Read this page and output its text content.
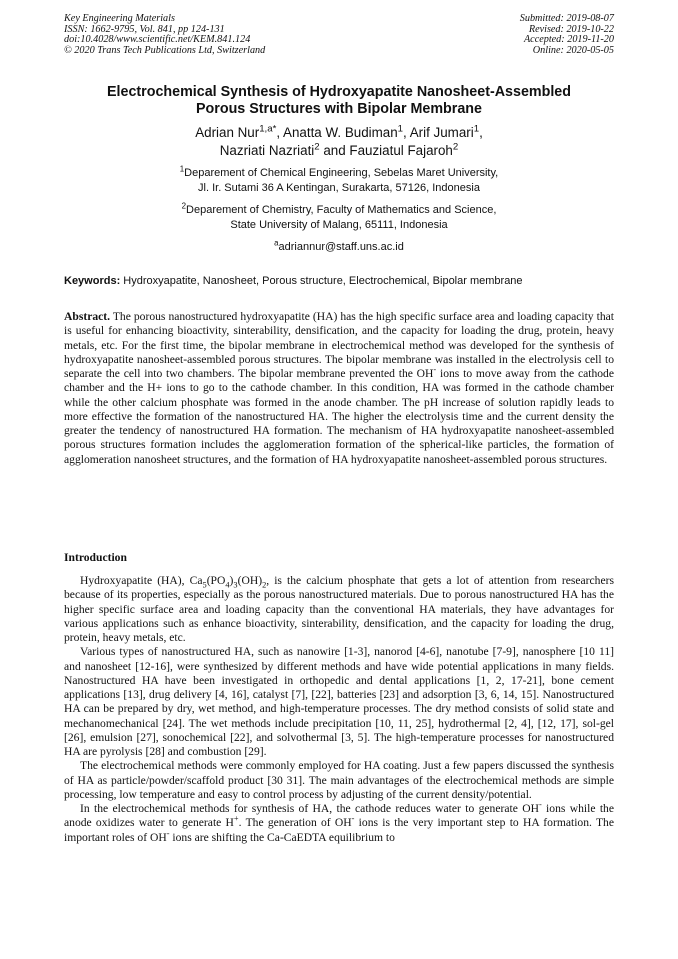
Key Engineering Materials
ISSN: 1662-9795, Vol. 841, pp 124-131
doi:10.4028/www.scientific.net/KEM.841.124
© 2020 Trans Tech Publications Ltd, Switzerland
Submitted: 2019-08-07
Revised: 2019-10-22
Accepted: 2019-11-20
Online: 2020-05-05
Electrochemical Synthesis of Hydroxyapatite Nanosheet-Assembled
Porous Structures with Bipolar Membrane
Adrian Nur$^{1,a*}$, Anatta W. Budiman$^1$, Arif Jumari$^1$,
Nazriati Nazriati$^2$ and Fauziatul Fajaroh$^2$
$^1$Deparement of Chemical Engineering, Sebelas Maret University,
Jl. Ir. Sutami 36 A Kentingan, Surakarta, 57126, Indonesia
$^2$Deparement of Chemistry, Faculty of Mathematics and Science,
State University of Malang, 65111, Indonesia
$^a$adriannur@staff.uns.ac.id
Keywords: Hydroxyapatite, Nanosheet, Porous structure, Electrochemical, Bipolar membrane
Abstract. The porous nanostructured hydroxyapatite (HA) has the high specific surface area and loading capacity that is useful for enhancing bioactivity, sinterability, densification, and the capacity for loading the drug, protein, heavy metals, etc. For the first time, the bipolar membrane in electrochemical method was developed for the synthesis of hydroxyapatite nanosheet-assembled porous structures. The bipolar membrane was installed in the electrolysis cell to separate the cell into two chambers. The bipolar membrane prevented the OH- ions to move away from the cathode chamber and the H+ ions to go to the cathode chamber. In this condition, HA was formed in the cathode chamber while the other calcium phosphate was formed in the anode chamber. The pH increase of solution rapidly leads to more effective the formation of the nanostructured HA. The higher the electrolysis time and the current density the greater the tendency of nanostructured HA formation. The mechanism of HA hydroxyapatite nanosheet-assembled porous structures formation includes the agglomeration formation of the spherical-like particles, the formation of agglomeration nanosheet structures, and the formation of HA hydroxyapatite nanosheet-assembled porous structures.
Introduction

Hydroxyapatite (HA), $Ca_5(PO_4)_3(OH)_2$, is the calcium phosphate that gets a lot of attention from researchers because of its properties, especially as the porous nanostructured materials. Due to porous nanostructured HA has the higher specific surface area and loading capacity than the conventional HA materials, they have advantages for various applications such as enhance bioactivity, sinterability, densification, and the capacity for loading the drug, protein, heavy metals, etc.

Various types of nanostructured HA, such as nanowire [1-3], nanorod [4-6], nanotube [7-9], nanosphere [10 11] and nanosheet [12-16], were synthesized by different methods and have wide potential applications in many fields. Nanostructured HA have been investigated in orthopedic and dental applications [1, 2, 17-21], bone cement applications [13], drug delivery [4, 16], catalyst [7], [22], batteries [23] and adsorption [3, 6, 14, 15]. Nanostructured HA can be prepared by dry, wet method, and high-temperature processes. The dry method consists of solid state and mechanomechanical [24]. The wet methods include precipitation [10, 11, 25], hydrothermal [2, 4], [12, 17], sol-gel [26], emulsion [27], sonochemical [22], and solvothermal [3, 5]. The high-temperature processes for nanostructured HA are pyrolysis [28] and combustion [29].

The electrochemical methods were commonly employed for HA coating. Just a few papers discussed the synthesis of HA as particle/powder/scaffold product [30 31]. The main advantages of the electrochemical methods are simple processing, low temperature and easy to control process by adjusting of the current density/potential.

In the electrochemical methods for synthesis of HA, the cathode reduces water to generate OH- ions while the anode oxidizes water to generate H+. The generation of OH- ions is the very important step to HA formation. The important roles of OH- ions are shifting the Ca-CaEDTA equilibrium to
